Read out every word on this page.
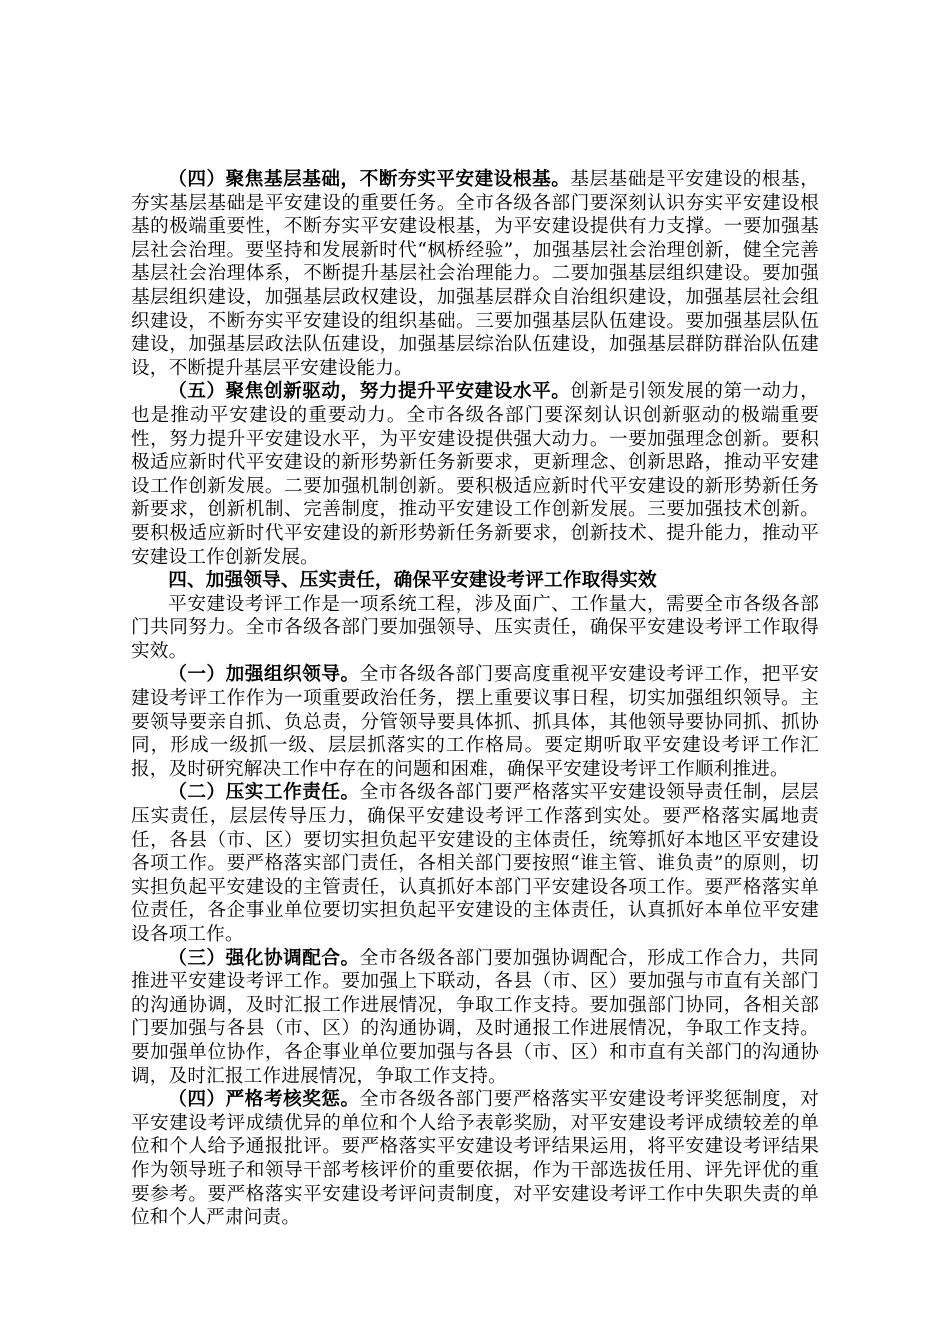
（四）聚焦基层基础，不断夯实平安建设根基。基层基础是平安建设的根基，夯实基层基础是平安建设的重要任务。全市各级各部门要深刻认识夯实平安建设根基的极端重要性，不断夯实平安建设根基，为平安建设提供有力支撑。一要加强基层社会治理。要坚持和发展新时代“枫桥经验”，加强基层社会治理创新，健全完善基层社会治理体系，不断提升基层社会治理能力。二要加强基层组织建设。要加强基层组织建设，加强基层政权建设，加强基层群众自治组织建设，加强基层社会组织建设，不断夯实平安建设的组织基础。三要加强基层队伍建设。要加强基层队伍建设，加强基层政法队伍建设，加强基层综治队伍建设，加强基层群防群治队伍建设，不断提升基层平安建设能力。

（五）聚焦创新驱动，努力提升平安建设水平。创新是引领发展的第一动力，也是推动平安建设的重要动力。全市各级各部门要深刻认识创新驱动的极端重要性，努力提升平安建设水平，为平安建设提供强大动力。一要加强理念创新。要积极适应新时代平安建设的新形势新任务新要求，更新理念、创新思路，推动平安建设工作创新发展。二要加强机制创新。要积极适应新时代平安建设的新形势新任务新要求，创新机制、完善制度，推动平安建设工作创新发展。三要加强技术创新。要积极适应新时代平安建设的新形势新任务新要求，创新技术、提升能力，推动平安建设工作创新发展。

四、加强领导、压实责任，确保平安建设考评工作取得实效

平安建设考评工作是一项系统工程，涉及面广、工作量大，需要全市各级各部门共同努力。全市各级各部门要加强领导、压实责任，确保平安建设考评工作取得实效。

（一）加强组织领导。全市各级各部门要高度重视平安建设考评工作，把平安建设考评工作作为一项重要政治任务，摆上重要议事日程，切实加强组织领导。主要领导要亲自抓、负总责，分管领导要具体抓、抓具体，其他领导要协同抓、抓协同，形成一级抓一级、层层抓落实的工作格局。要定期听取平安建设考评工作汇报，及时研究解决工作中存在的问题和困难，确保平安建设考评工作顺利推进。

（二）压实工作责任。全市各级各部门要严格落实平安建设领导责任制，层层压实责任，层层传导压力，确保平安建设考评工作落到实处。要严格落实属地责任，各县（市、区）要切实担负起平安建设的主体责任，统筹抓好本地区平安建设各项工作。要严格落实部门责任，各相关部门要按照“谁主管、谁负责”的原则，切实担负起平安建设的主管责任，认真抓好本部门平安建设各项工作。要严格落实单位责任，各企事业单位要切实担负起平安建设的主体责任，认真抓好本单位平安建设各项工作。

（三）强化协调配合。全市各级各部门要加强协调配合，形成工作合力，共同推进平安建设考评工作。要加强上下联动，各县（市、区）要加强与市直有关部门的沟通协调，及时汇报工作进展情况，争取工作支持。要加强部门协同，各相关部门要加强与各县（市、区）的沟通协调，及时通报工作进展情况，争取工作支持。要加强单位协作，各企事业单位要加强与各县（市、区）和市直有关部门的沟通协调，及时汇报工作进展情况，争取工作支持。

（四）严格考核奖惩。全市各级各部门要严格落实平安建设考评奖惩制度，对平安建设考评成绩优异的单位和个人给予表彰奖励，对平安建设考评成绩较差的单位和个人给予通报批评。要严格落实平安建设考评结果运用，将平安建设考评结果作为领导班子和领导干部考核评价的重要依据，作为干部选拔任用、评先评优的重要参考。要严格落实平安建设考评问责制度，对平安建设考评工作中失职失责的单位和个人严肃问责。
